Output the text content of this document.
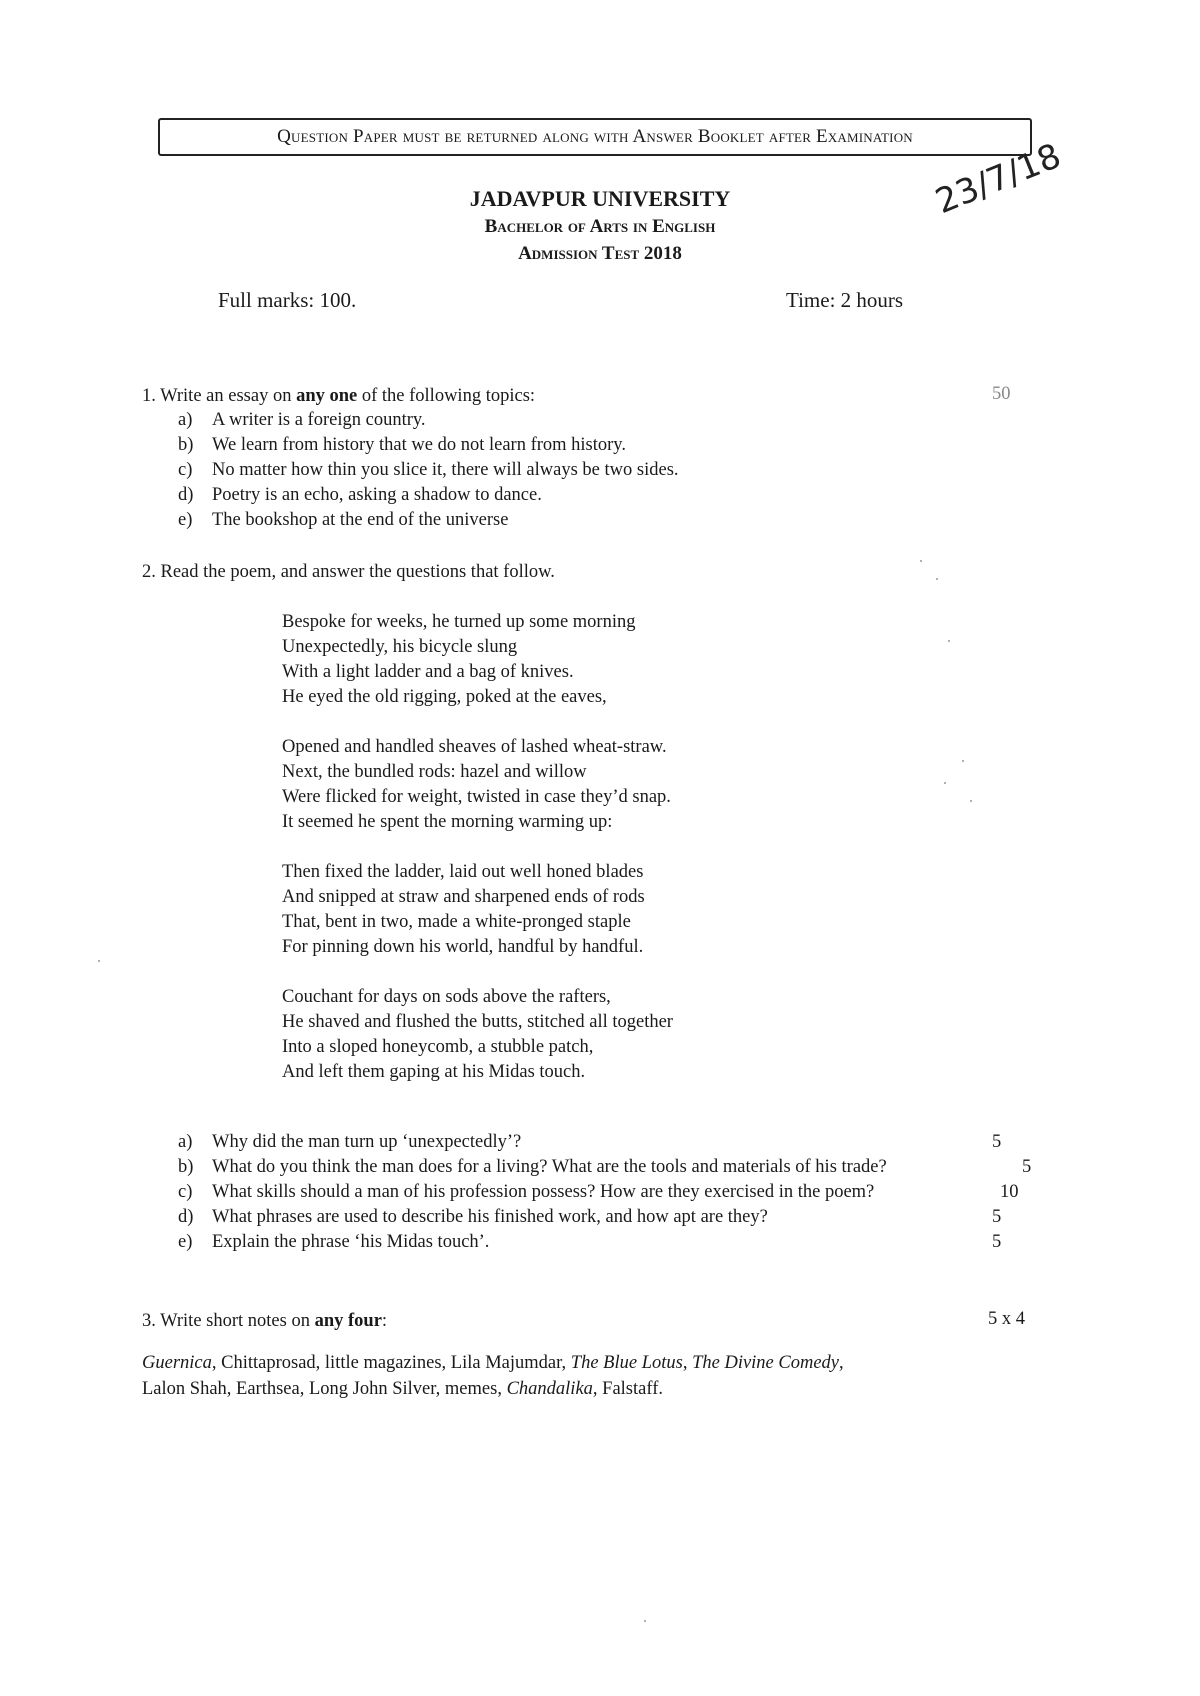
Question Paper must be returned along with Answer Booklet after Examination
JADAVPUR UNIVERSITY
Bachelor of Arts in English
Admission Test 2018
23/7/18
Full marks: 100.	Time: 2 hours
1. Write an essay on any one of the following topics:	50
a) A writer is a foreign country.
b) We learn from history that we do not learn from history.
c) No matter how thin you slice it, there will always be two sides.
d) Poetry is an echo, asking a shadow to dance.
e) The bookshop at the end of the universe
2. Read the poem, and answer the questions that follow.
Bespoke for weeks, he turned up some morning
Unexpectedly, his bicycle slung
With a light ladder and a bag of knives.
He eyed the old rigging, poked at the eaves,
Opened and handled sheaves of lashed wheat-straw.
Next, the bundled rods: hazel and willow
Were flicked for weight, twisted in case they’d snap.
It seemed he spent the morning warming up:
Then fixed the ladder, laid out well honed blades
And snipped at straw and sharpened ends of rods
That, bent in two, made a white-pronged staple
For pinning down his world, handful by handful.
Couchant for days on sods above the rafters,
He shaved and flushed the butts, stitched all together
Into a sloped honeycomb, a stubble patch,
And left them gaping at his Midas touch.
a) Why did the man turn up ‘unexpectedly’?	5
b) What do you think the man does for a living? What are the tools and materials of his trade?	5
c) What skills should a man of his profession possess? How are they exercised in the poem?	10
d) What phrases are used to describe his finished work, and how apt are they?	5
e) Explain the phrase ‘his Midas touch’.	5
3. Write short notes on any four:	5 x 4
Guernica, Chittaprosad, little magazines, Lila Majumdar, The Blue Lotus, The Divine Comedy,
Lalon Shah, Earthsea, Long John Silver, memes, Chandalika, Falstaff.
